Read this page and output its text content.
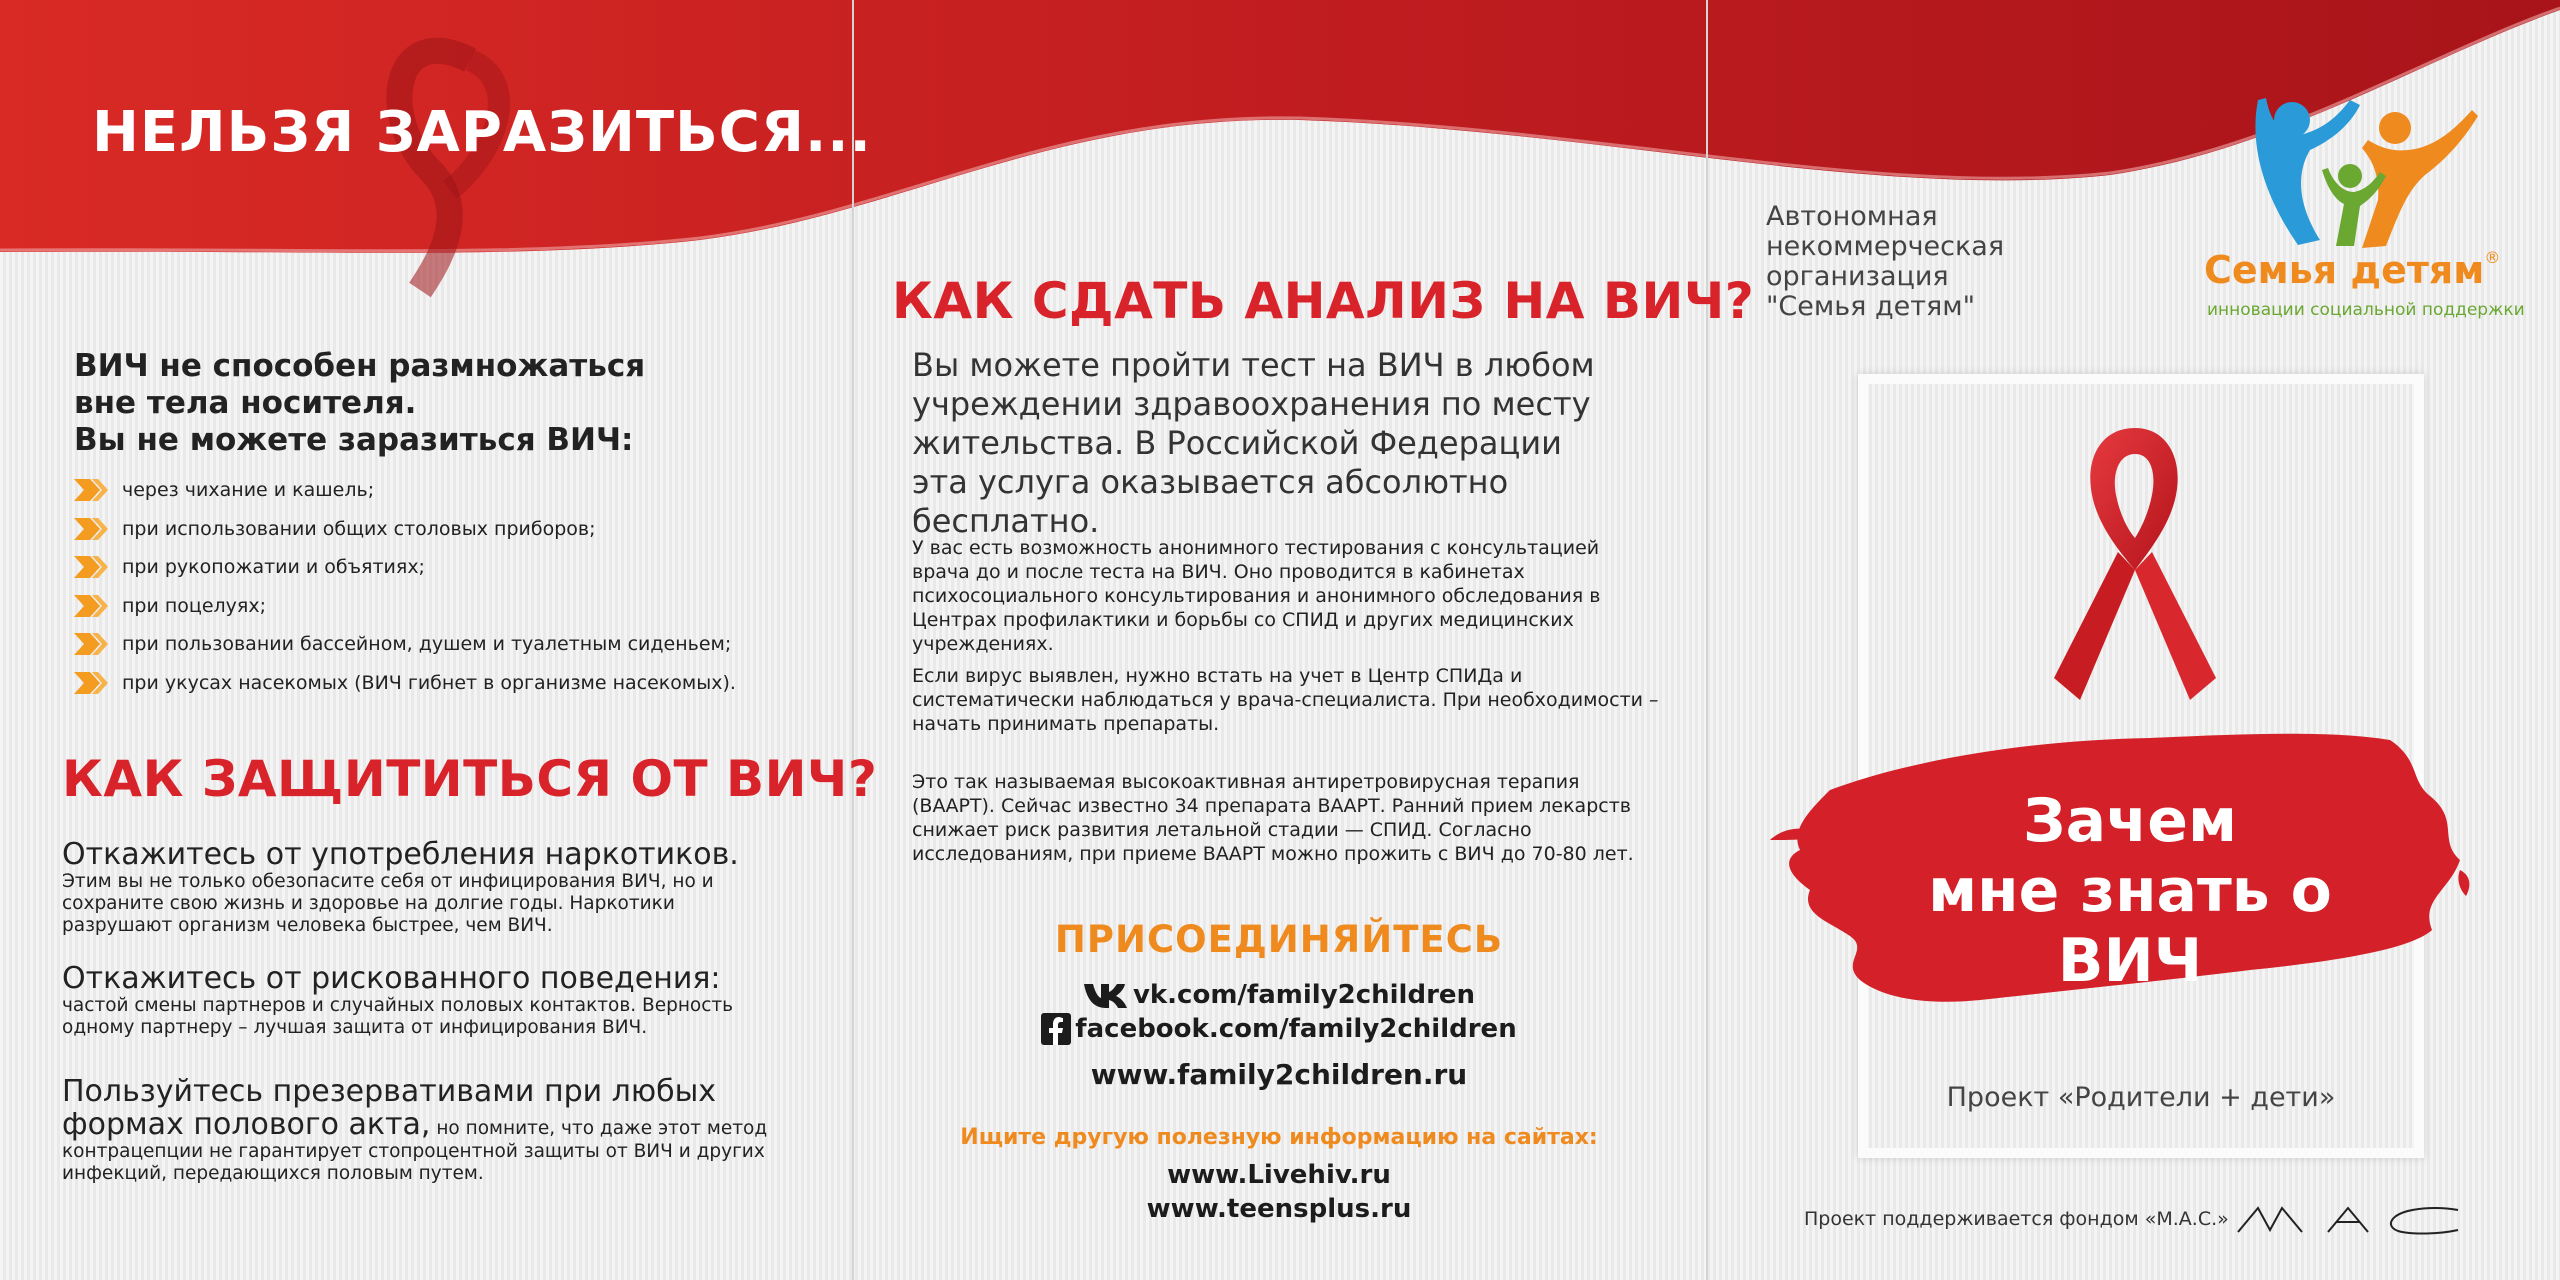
НЕЛЬЗЯ ЗАРАЗИТЬСЯ...
ВИЧ не способен размножаться
вне тела носителя.
Вы не можете заразиться ВИЧ:
через чихание и кашель;
при использовании общих столовых приборов;
при рукопожатии и объятиях;
при поцелуях;
при пользовании бассейном, душем и туалетным сиденьем;
при укусах насекомых (ВИЧ гибнет в организме насекомых).
КАК ЗАЩИТИТЬСЯ ОТ ВИЧ?
Откажитесь от употребления наркотиков. Этим вы не только обезопасите себя от инфицирования ВИЧ, но и сохраните свою жизнь и здоровье на долгие годы. Наркотики разрушают организм человека быстрее, чем ВИЧ.
Откажитесь от рискованного поведения: частой смены партнеров и случайных половых контактов. Верность одному партнеру – лучшая защита от инфицирования ВИЧ.
Пользуйтесь презервативами при любых формах полового акта, но помните, что даже этот метод контрацепции не гарантирует стопроцентной защиты от ВИЧ и других инфекций, передающихся половым путем.
КАК СДАТЬ АНАЛИЗ НА ВИЧ?
Вы можете пройти тест на ВИЧ в любом учреждении здравоохранения по месту жительства. В Российской Федерации эта услуга оказывается абсолютно бесплатно.
У вас есть возможность анонимного тестирования с консультацией врача до и после теста на ВИЧ. Оно проводится в кабинетах психосоциального консультирования и анонимного обследования в Центрах профилактики и борьбы со СПИД и других медицинских учреждениях.
Если вирус выявлен, нужно встать на учет в Центр СПИДа и систематически наблюдаться у врача-специалиста. При необходимости – начать принимать препараты.
Это так называемая высокоактивная антиретровирусная терапия (ВААРТ). Сейчас известно 34 препарата ВААРТ. Ранний прием лекарств снижает риск развития летальной стадии — СПИД. Согласно исследованиям, при приеме ВААРТ можно прожить с ВИЧ до 70-80 лет.
ПРИСОЕДИНЯЙТЕСЬ
vk.com/family2children
facebook.com/family2children
www.family2children.ru
Ищите другую полезную информацию на сайтах:
www.Livehiv.ru
www.teensplus.ru
Автономная
некоммерческая
организация
"Семья детям"
Семья детям®
инновации социальной поддержки
Зачем
мне знать о
ВИЧ
Проект «Родители + дети»
Проект поддерживается фондом «М.А.С.»
